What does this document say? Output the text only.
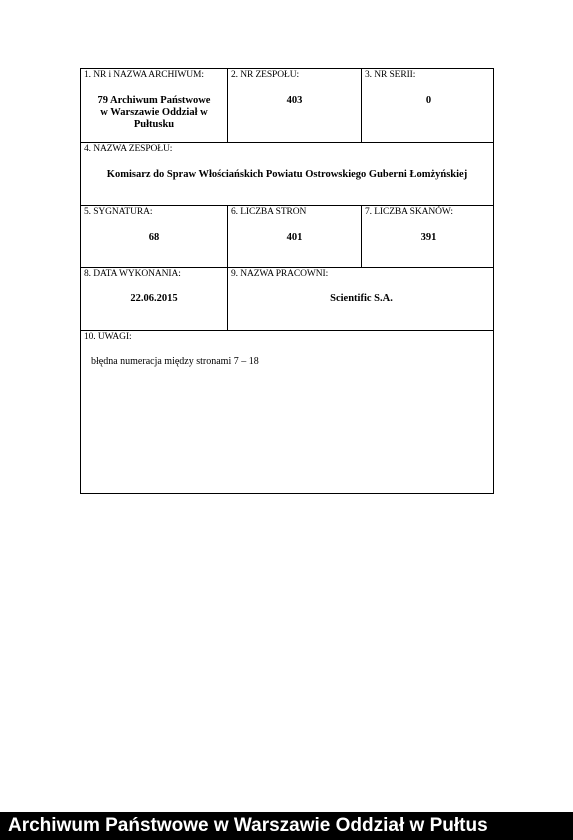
1. NR i NAZWA ARCHIWUM:
79 Archiwum Państwowe w Warszawie Oddział w Pułtusku
2. NR ZESPOŁU:
403
3. NR SERII:
0
4. NAZWA ZESPOŁU:
Komisarz do Spraw Włościańskich Powiatu Ostrowskiego Guberni Łomżyńskiej
5. SYGNATURA:
68
6. LICZBA STRON
401
7. LICZBA SKANÓW:
391
8. DATA WYKONANIA:
22.06.2015
9. NAZWA PRACOWNI:
Scientific S.A.
10. UWAGI:
błędna numeracja między stronami 7 – 18
Archiwum Państwowe w Warszawie Oddział w Pułtus
